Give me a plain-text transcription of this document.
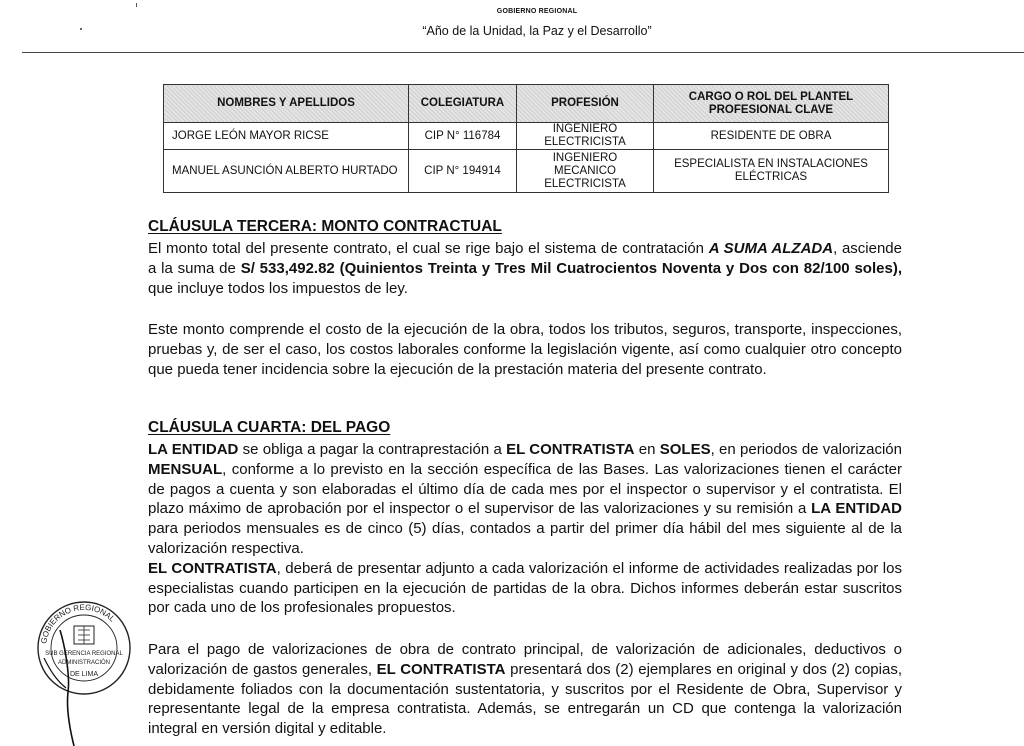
GOBIERNO REGIONAL
“Año de la Unidad, la Paz y el Desarrollo”
NOMBRES Y APELLIDOS	COLEGIATURA	PROFESIÓN	CARGO O ROL DEL PLANTEL PROFESIONAL CLAVE
JORGE LEÓN MAYOR RICSE	CIP N° 116784	INGENIERO ELECTRICISTA	RESIDENTE DE OBRA
MANUEL ASUNCIÓN ALBERTO HURTADO	CIP N° 194914	INGENIERO MECANICO ELECTRICISTA	ESPECIALISTA EN INSTALACIONES ELÉCTRICAS
CLÁUSULA TERCERA: MONTO CONTRACTUAL

El monto total del presente contrato, el cual se rige bajo el sistema de contratación A SUMA ALZADA, asciende a la suma de S/ 533,492.82 (Quinientos Treinta y Tres Mil Cuatrocientos Noventa y Dos con 82/100 soles), que incluye todos los impuestos de ley.

Este monto comprende el costo de la ejecución de la obra, todos los tributos, seguros, transporte, inspecciones, pruebas y, de ser el caso, los costos laborales conforme la legislación vigente, así como cualquier otro concepto que pueda tener incidencia sobre la ejecución de la prestación materia del presente contrato.

CLÁUSULA CUARTA: DEL PAGO

LA ENTIDAD se obliga a pagar la contraprestación a EL CONTRATISTA en SOLES, en periodos de valorización MENSUAL, conforme a lo previsto en la sección específica de las Bases. Las valorizaciones tienen el carácter de pagos a cuenta y son elaboradas el último día de cada mes por el inspector o supervisor y el contratista. El plazo máximo de aprobación por el inspector o el supervisor de las valorizaciones y su remisión a LA ENTIDAD para periodos mensuales es de cinco (5) días, contados a partir del primer día hábil del mes siguiente al de la valorización respectiva.

EL CONTRATISTA, deberá de presentar adjunto a cada valorización el informe de actividades realizadas por los especialistas cuando participen en la ejecución de partidas de la obra. Dichos informes deberán estar suscritos por cada uno de los profesionales propuestos.

Para el pago de valorizaciones de obra de contrato principal, de valorización de adicionales, deductivos o valorización de gastos generales, EL CONTRATISTA presentará dos (2) ejemplares en original y dos (2) copias, debidamente foliados con la documentación sustentatoria, y suscritos por el Residente de Obra, Supervisor y representante legal de la empresa contratista. Además, se entregarán un CD que contenga la valorización integral en versión digital y editable.

GOBIERNO REGIONAL
SUB GERENCIA REGIONAL
ADMINISTRACIÓN
DE LIMA
